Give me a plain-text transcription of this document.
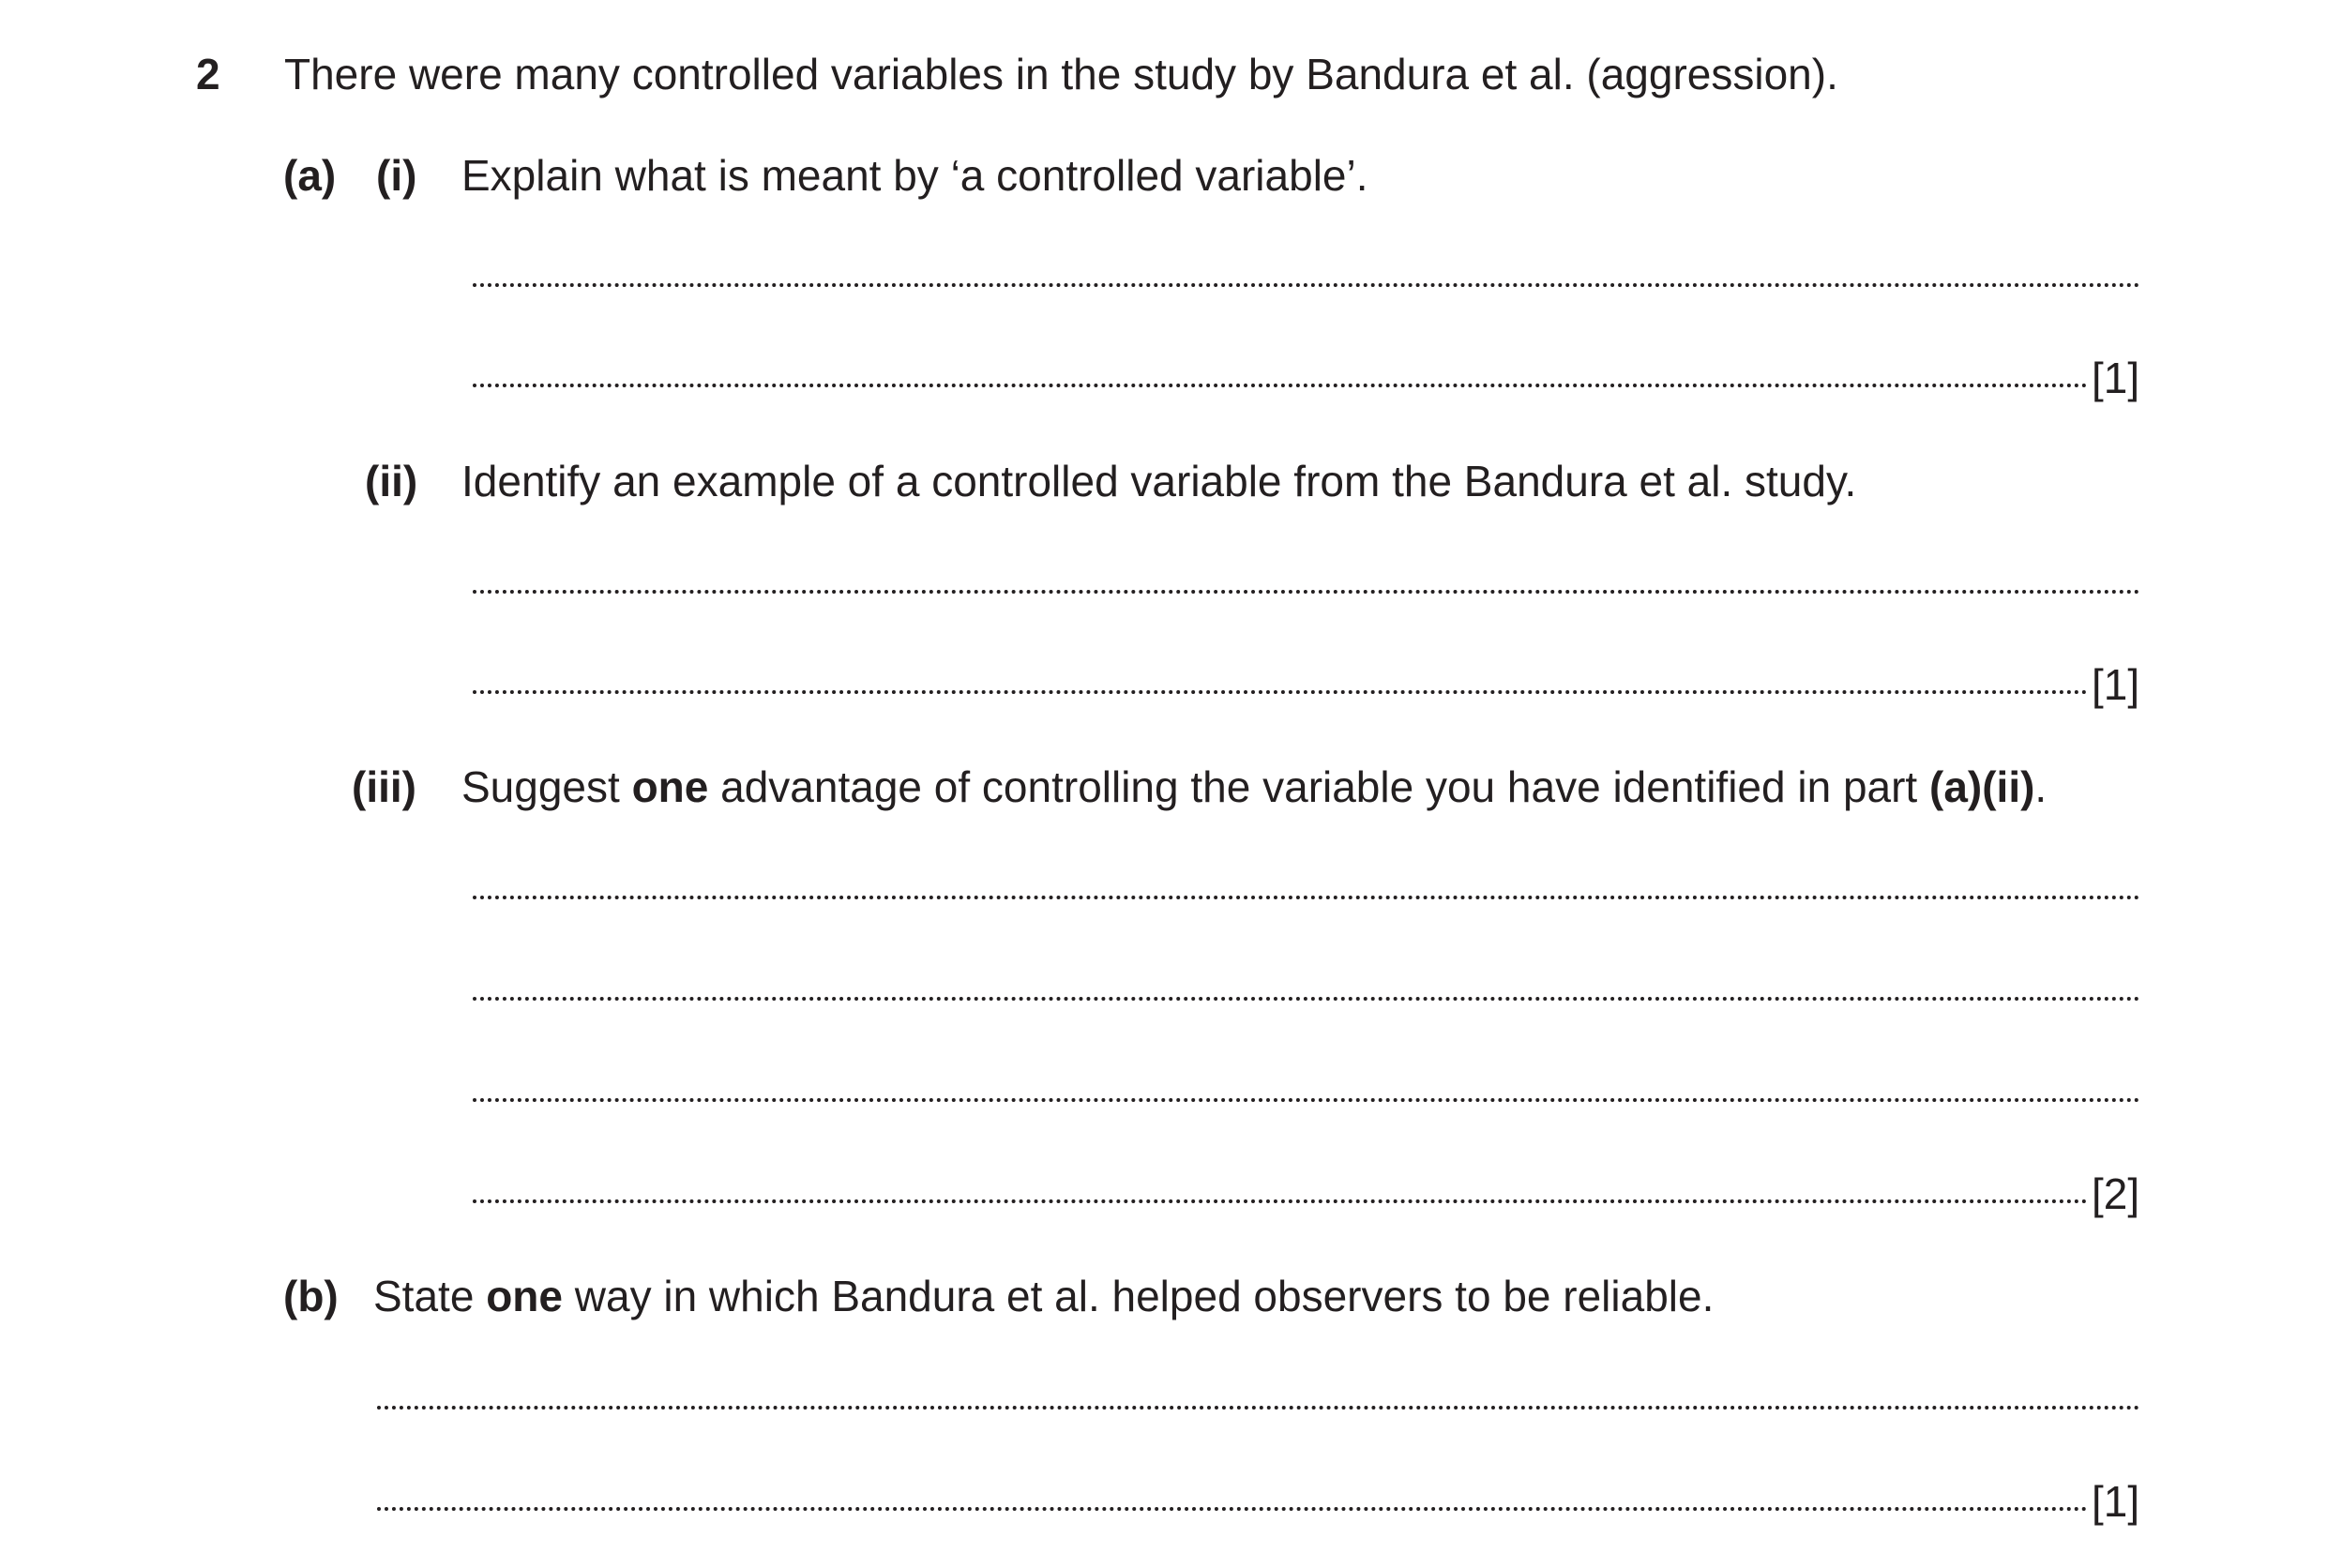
2 There were many controlled variables in the study by Bandura et al. (aggression).
(a) (i) Explain what is meant by ‘a controlled variable’.
[1]
(ii) Identify an example of a controlled variable from the Bandura et al. study.
[1]
(iii) Suggest one advantage of controlling the variable you have identified in part (a)(ii).
[2]
(b) State one way in which Bandura et al. helped observers to be reliable.
[1]
